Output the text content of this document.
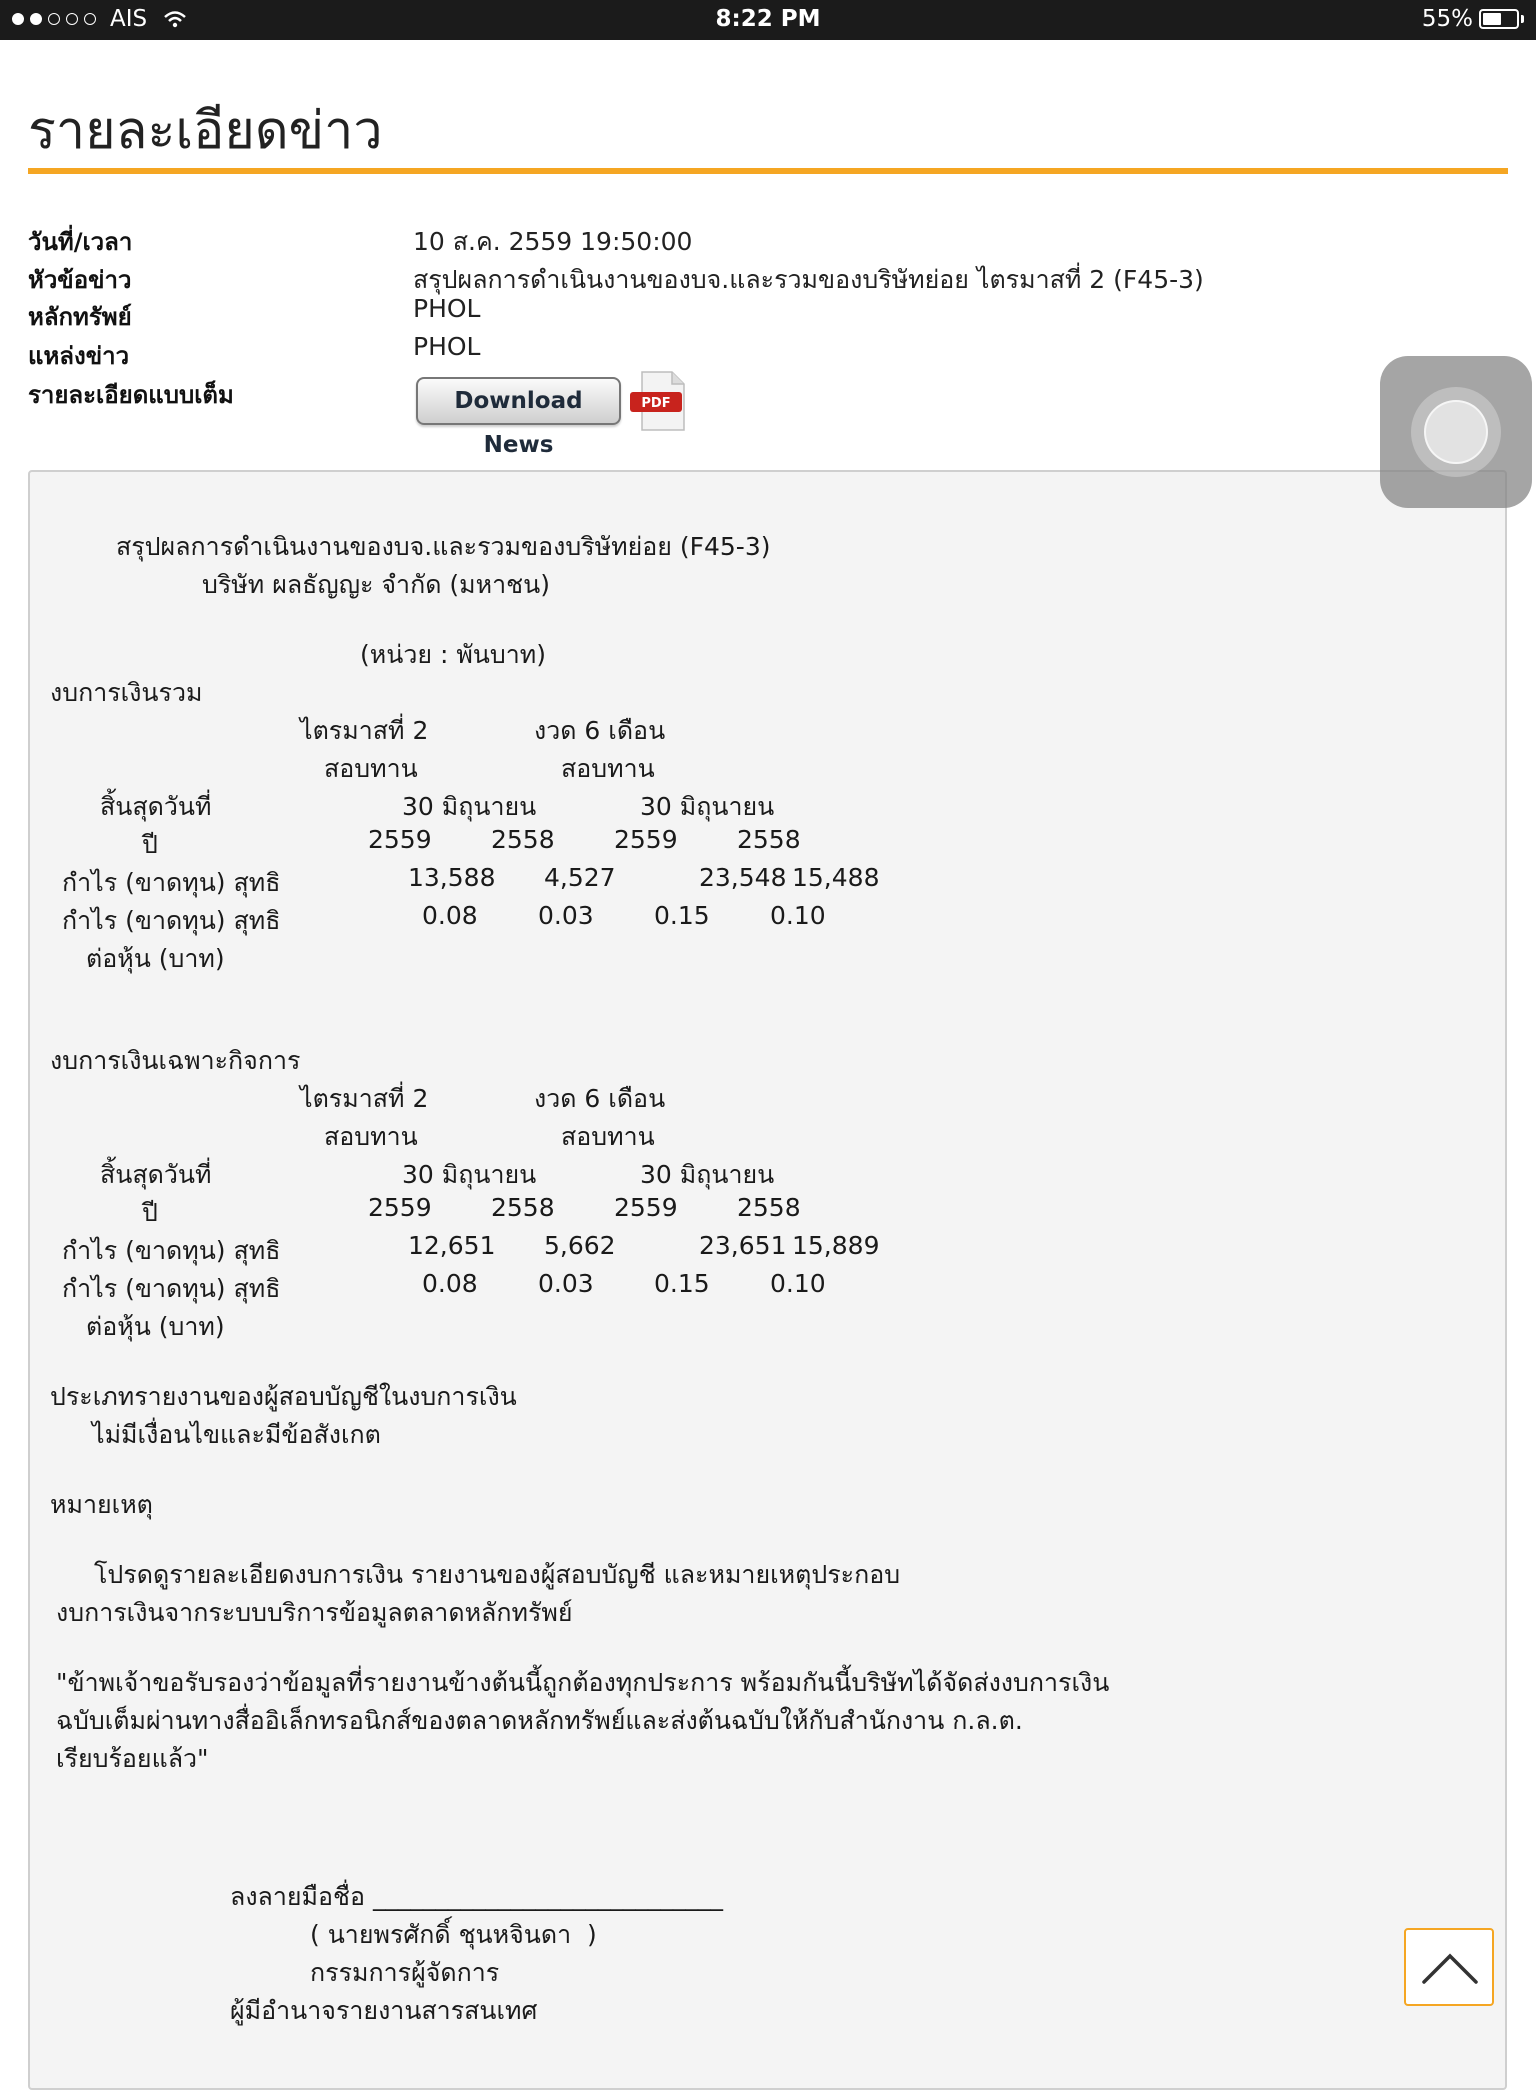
AIS	8:22 PM	55%
รายละเอียดข่าว
วันที่/เวลา	10 ส.ค. 2559 19:50:00
หัวข้อข่าว	สรุปผลการดำเนินงานของบจ.และรวมของบริษัทย่อย ไตรมาสที่ 2 (F45-3)
หลักทรัพย์	PHOL
แหล่งข่าว	PHOL
รายละเอียดแบบเต็ม	Download News
PDF
สรุปผลการดำเนินงานของบจ.และรวมของบริษัทย่อย (F45-3)
บริษัท ผลธัญญะ จำกัด (มหาชน)
(หน่วย : พันบาท)
งบการเงินรวม
ไตรมาสที่ 2	งวด 6 เดือน
สอบทาน	สอบทาน
สิ้นสุดวันที่	30 มิถุนายน	30 มิถุนายน
ปี	2559 2558 2559 2558
กำไร (ขาดทุน) สุทธิ	13,588 4,527	23,548 15,488
กำไร (ขาดทุน) สุทธิ	0.08 0.03 0.15 0.10
ต่อหุ้น (บาท)
งบการเงินเฉพาะกิจการ
ไตรมาสที่ 2	งวด 6 เดือน
สอบทาน	สอบทาน
สิ้นสุดวันที่	30 มิถุนายน	30 มิถุนายน
ปี	2559 2558 2559 2558
กำไร (ขาดทุน) สุทธิ	12,651 5,662	23,651 15,889
กำไร (ขาดทุน) สุทธิ	0.08 0.03 0.15 0.10
ต่อหุ้น (บาท)
ประเภทรายงานของผู้สอบบัญชีในงบการเงิน
ไม่มีเงื่อนไขและมีข้อสังเกต
หมายเหตุ
โปรดดูรายละเอียดงบการเงิน รายงานของผู้สอบบัญชี และหมายเหตุประกอบ
งบการเงินจากระบบบริการข้อมูลตลาดหลักทรัพย์
"ข้าพเจ้าขอรับรองว่าข้อมูลที่รายงานข้างต้นนี้ถูกต้องทุกประการ พร้อมกันนี้บริษัทได้จัดส่งงบการเงิน
ฉบับเต็มผ่านทางสื่ออิเล็กทรอนิกส์ของตลาดหลักทรัพย์และส่งต้นฉบับให้กับสำนักงาน ก.ล.ต.
เรียบร้อยแล้ว"
ลงลายมือชื่อ ____________________________
( นายพรศักดิ์ ชุนหจินดา  )
กรรมการผู้จัดการ
ผู้มีอำนาจรายงานสารสนเทศ
